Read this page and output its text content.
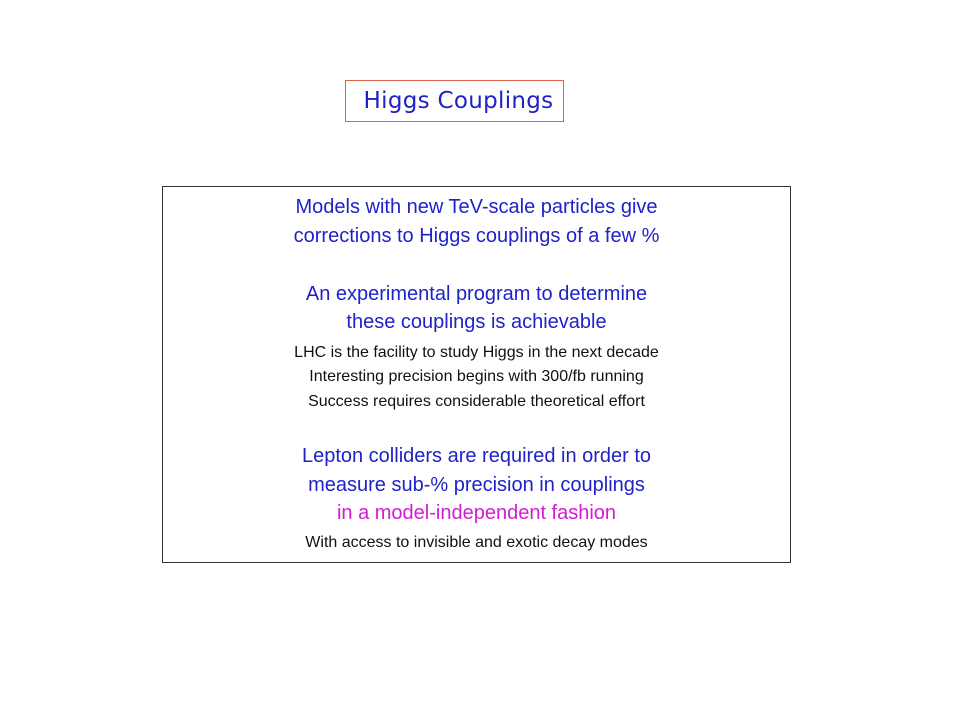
Higgs Couplings
Models with new TeV-scale particles give
corrections to Higgs couplings of a few %
An experimental program to determine
these couplings is achievable
LHC is the facility to study Higgs in the next decade
Interesting precision begins with 300/fb running
Success requires considerable theoretical effort
Lepton colliders are required in order to
measure sub-% precision in couplings
in a model-independent fashion
With access to invisible and exotic decay modes
